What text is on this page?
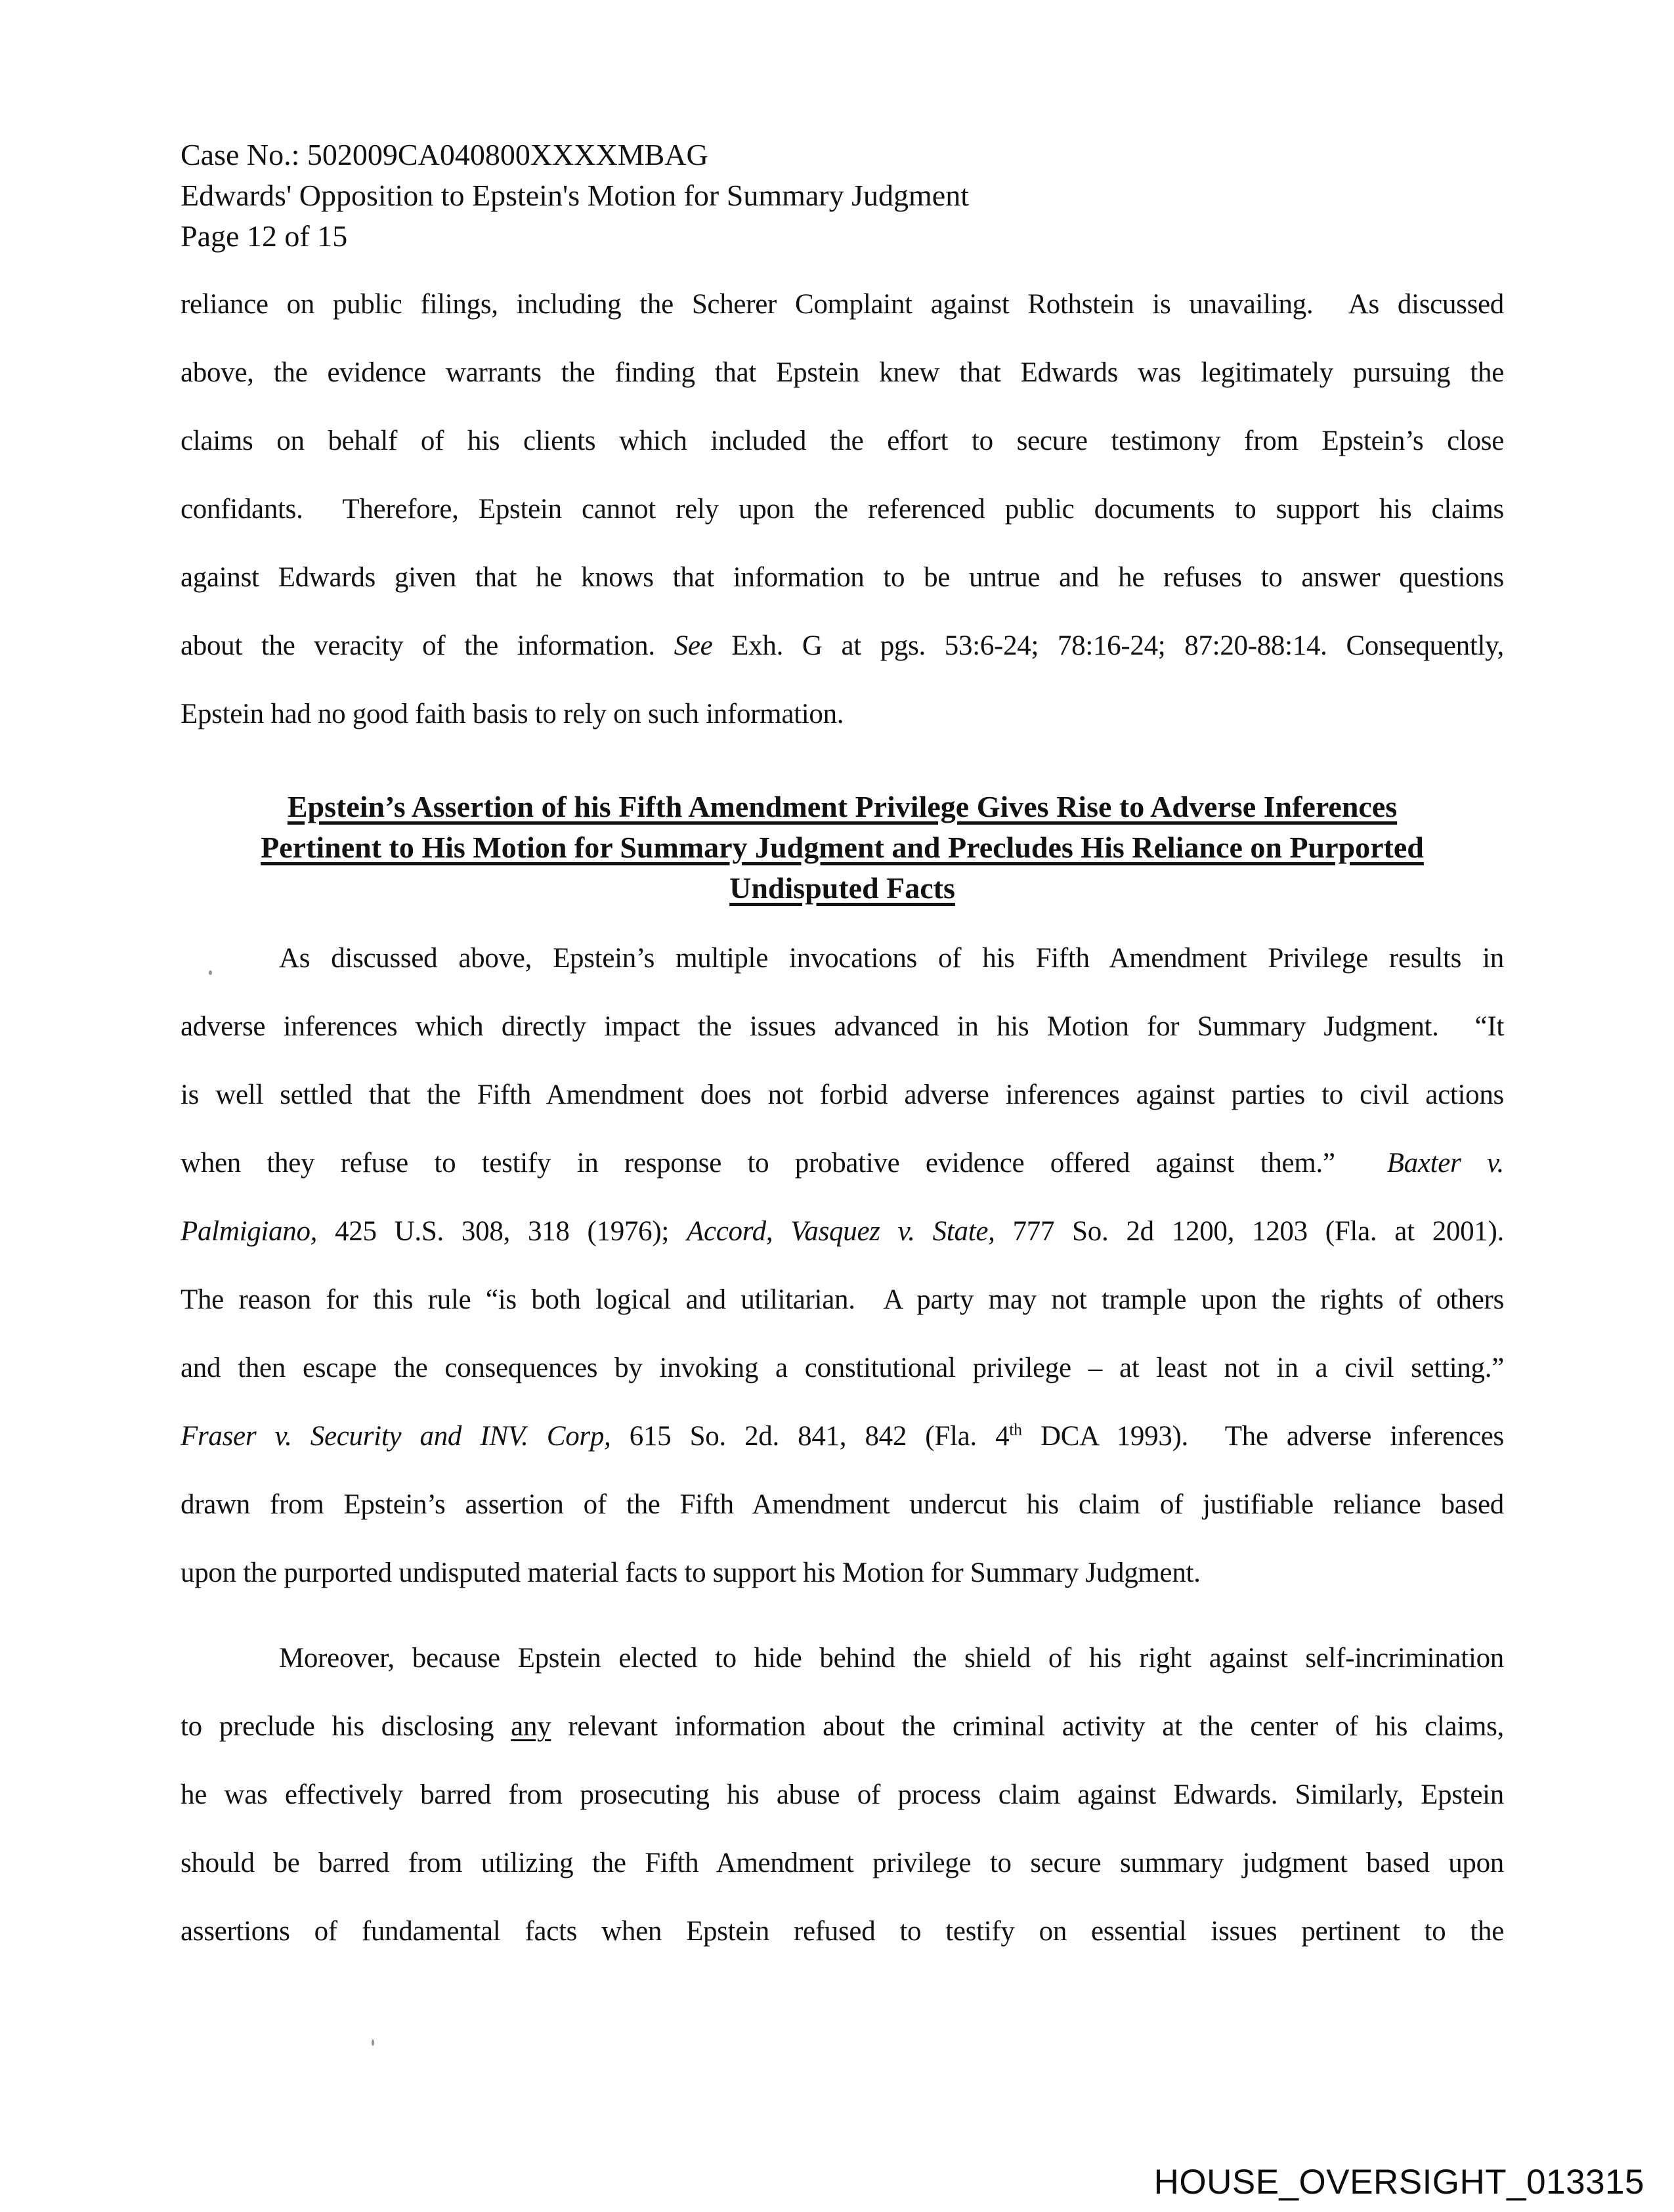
Case No.: 502009CA040800XXXXMBAG
Edwards' Opposition to Epstein's Motion for Summary Judgment
Page 12 of 15
reliance on public filings, including the Scherer Complaint against Rothstein is unavailing.  As discussed
above, the evidence warrants the finding that Epstein knew that Edwards was legitimately pursuing the
claims on behalf of his clients which included the effort to secure testimony from Epstein’s close
confidants.  Therefore, Epstein cannot rely upon the referenced public documents to support his claims
against Edwards given that he knows that information to be untrue and he refuses to answer questions
about the veracity of the information. See Exh. G at pgs. 53:6-24; 78:16-24; 87:20-88:14. Consequently,
Epstein had no good faith basis to rely on such information.
Epstein’s Assertion of his Fifth Amendment Privilege Gives Rise to Adverse Inferences
Pertinent to His Motion for Summary Judgment and Precludes His Reliance on Purported
Undisputed Facts
As discussed above, Epstein’s multiple invocations of his Fifth Amendment Privilege results in
adverse inferences which directly impact the issues advanced in his Motion for Summary Judgment.  “It
is well settled that the Fifth Amendment does not forbid adverse inferences against parties to civil actions
when they refuse to testify in response to probative evidence offered against them.”  Baxter v.
Palmigiano, 425 U.S. 308, 318 (1976); Accord, Vasquez v. State, 777 So. 2d 1200, 1203 (Fla. at 2001).
The reason for this rule “is both logical and utilitarian.  A party may not trample upon the rights of others
and then escape the consequences by invoking a constitutional privilege – at least not in a civil setting.”
Fraser v. Security and INV. Corp, 615 So. 2d. 841, 842 (Fla. 4th DCA 1993).  The adverse inferences
drawn from Epstein’s assertion of the Fifth Amendment undercut his claim of justifiable reliance based
upon the purported undisputed material facts to support his Motion for Summary Judgment.
Moreover, because Epstein elected to hide behind the shield of his right against self-incrimination
to preclude his disclosing any relevant information about the criminal activity at the center of his claims,
he was effectively barred from prosecuting his abuse of process claim against Edwards. Similarly, Epstein
should be barred from utilizing the Fifth Amendment privilege to secure summary judgment based upon
assertions of fundamental facts when Epstein refused to testify on essential issues pertinent to the
HOUSE_OVERSIGHT_013315
